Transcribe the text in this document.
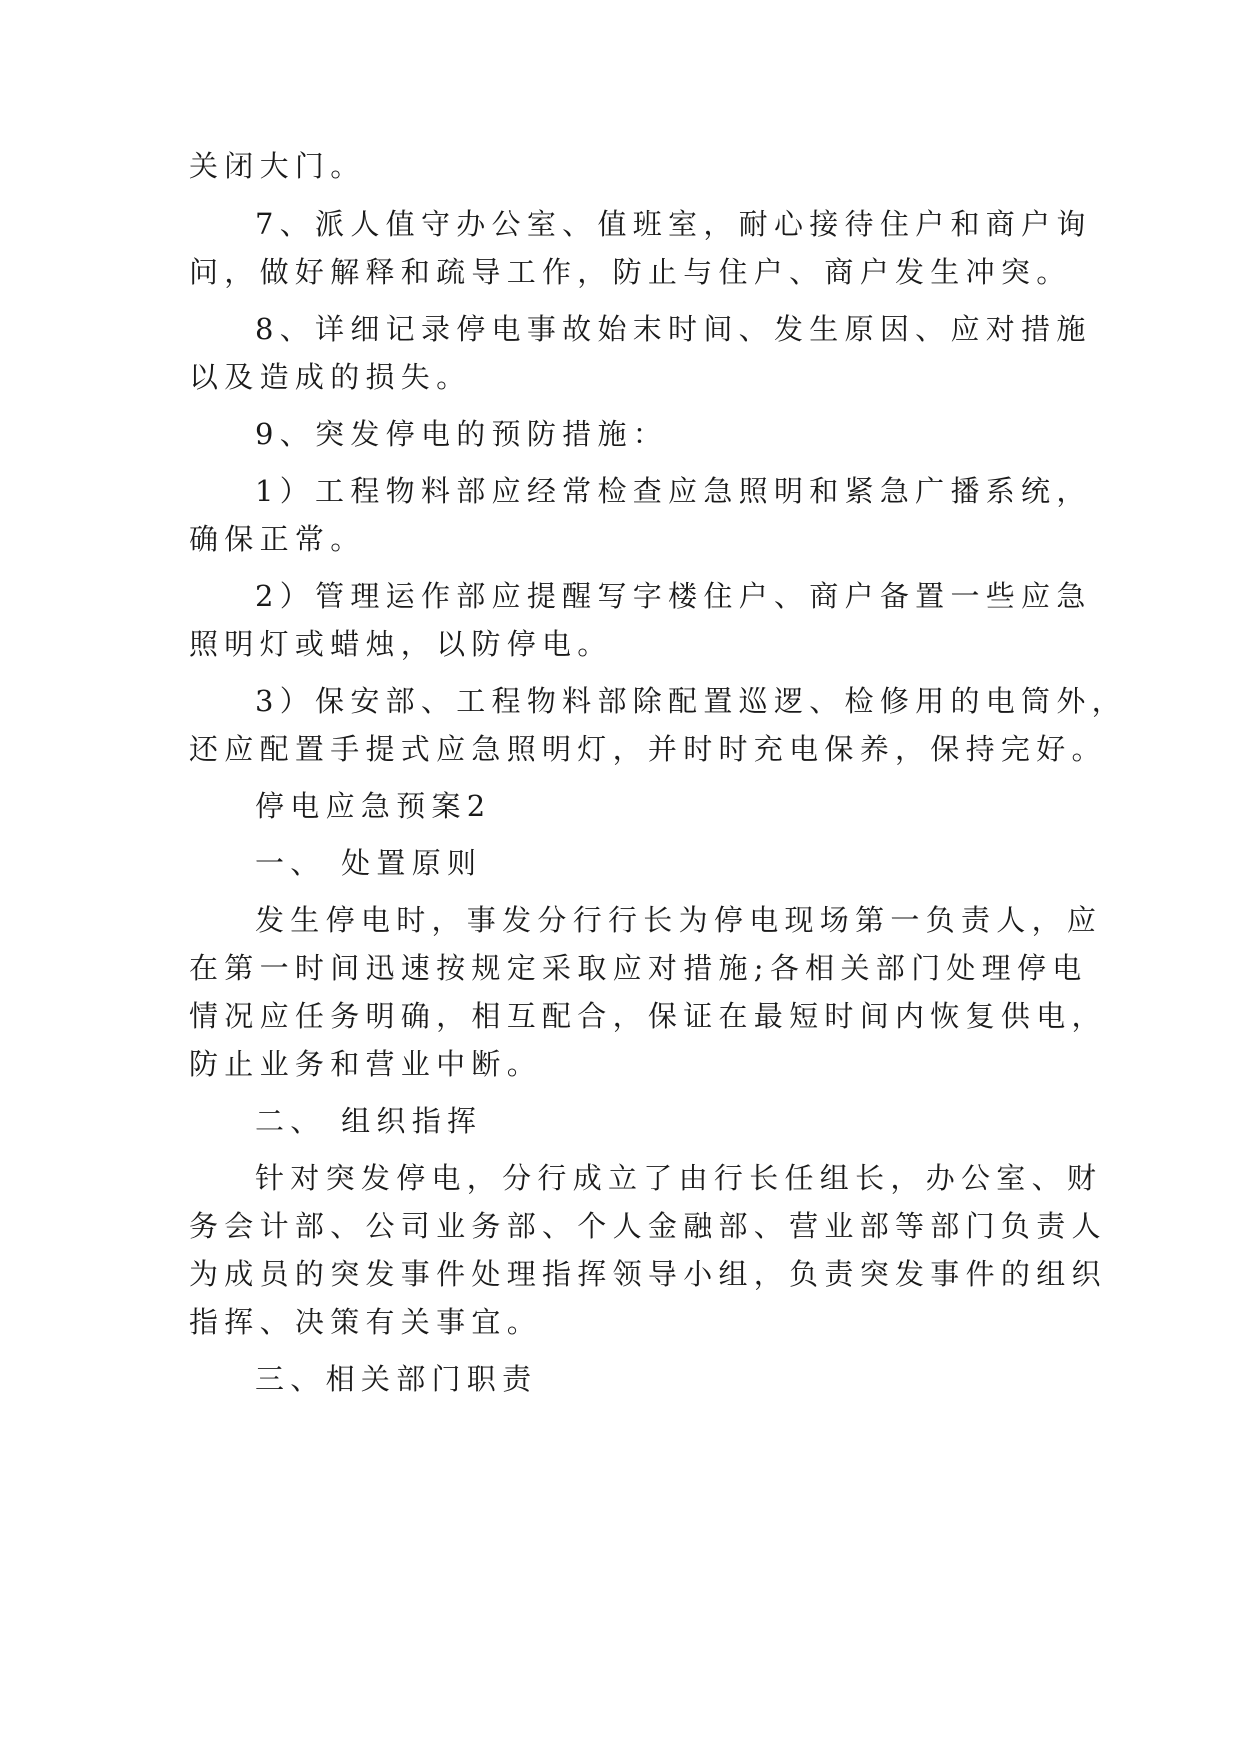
关闭大门。
7、派人值守办公室、值班室，耐心接待住户和商户询
问，做好解释和疏导工作，防止与住户、商户发生冲突。
8、详细记录停电事故始末时间、发生原因、应对措施
以及造成的损失。
9、突发停电的预防措施：
1）工程物料部应经常检查应急照明和紧急广播系统，
确保正常。
2）管理运作部应提醒写字楼住户、商户备置一些应急
照明灯或蜡烛，以防停电。
3）保安部、工程物料部除配置巡逻、检修用的电筒外，
还应配置手提式应急照明灯，并时时充电保养，保持完好。
停电应急预案2
一、 处置原则
发生停电时，事发分行行长为停电现场第一负责人，应
在第一时间迅速按规定采取应对措施;各相关部门处理停电
情况应任务明确，相互配合，保证在最短时间内恢复供电，
防止业务和营业中断。
二、 组织指挥
针对突发停电，分行成立了由行长任组长，办公室、财
务会计部、公司业务部、个人金融部、营业部等部门负责人
为成员的突发事件处理指挥领导小组，负责突发事件的组织
指挥、决策有关事宜。
三、相关部门职责
